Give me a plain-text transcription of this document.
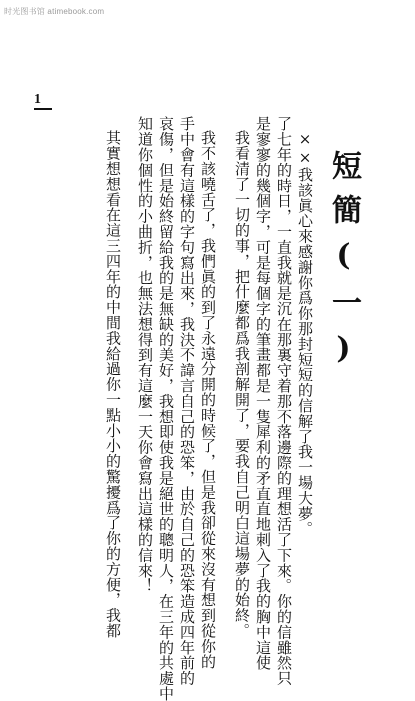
时光图书馆 atimebook.com
1
短簡(一)
××我該眞心來感謝你爲你那封短短的信解了我一場大夢。
了七年的時日，一直我就是沉在那裏守着那不落邊際的理想活了下來。你的信雖然只
是寥寥的幾個字，可是每個字的筆畫都是一隻犀利的矛直直地刺入了我的胸中這使
我看清了一切的事，把什麼都爲我剖解開了，要我自己明白這場夢的始終。
我不該嘵舌了，我們眞的到了永遠分開的時候了，但是我卻從來沒有想到從你的
手中會有這樣的字句寫出來，我決不諱言自己的恐笨，由於自己的恐笨造成四年前的
哀傷，但是始終留給我的是無缺的美好，我想即使我是絕世的聰明人，在三年的共處中
知道你個性的小曲折，也無法想得到有這麼一天你會寫出這樣的信來！
其實想想看在這三四年的中間我給過你一點小小的驚擾爲了你的方便，我都
